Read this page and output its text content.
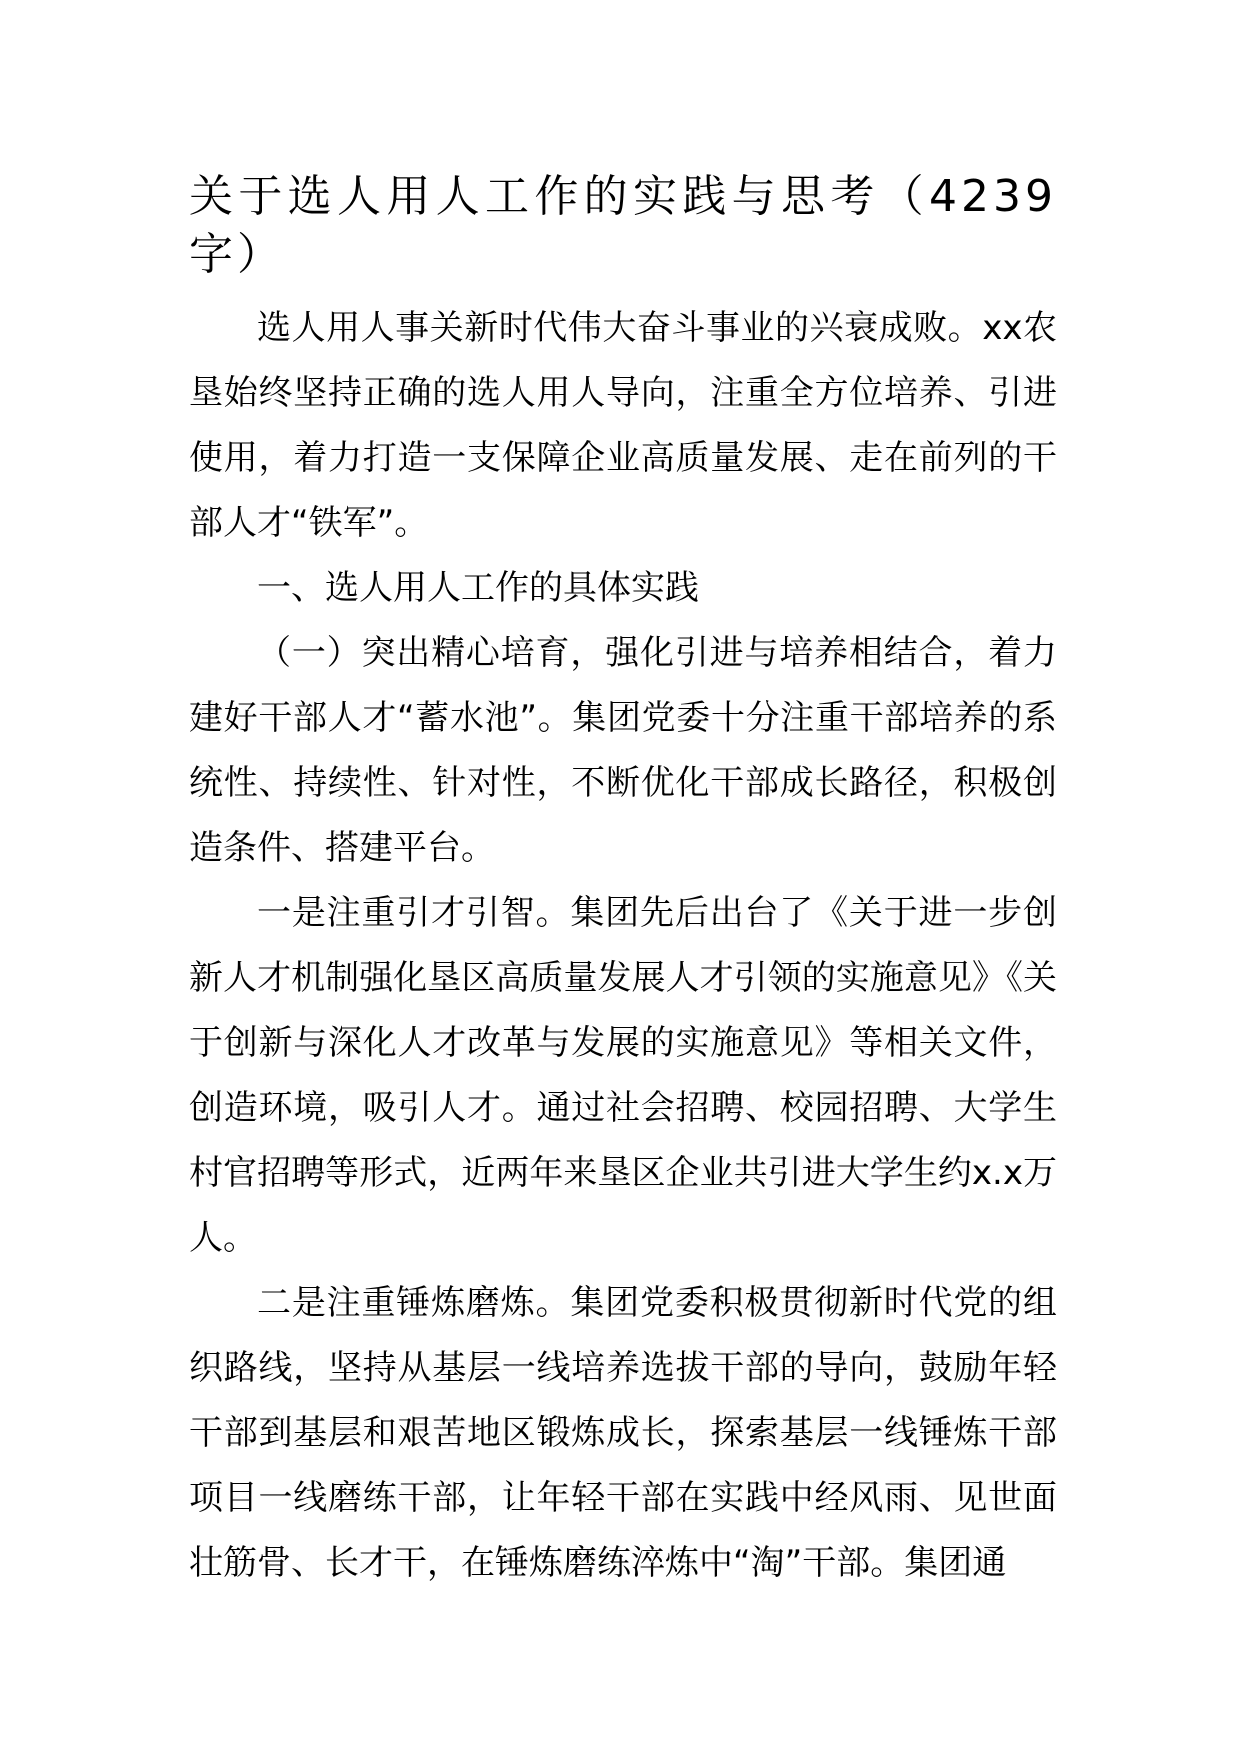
关于选人用人工作的实践与思考（4239字）

选人用人事关新时代伟大奋斗事业的兴衰成败。xx农垦始终坚持正确的选人用人导向，注重全方位培养、引进使用，着力打造一支保障企业高质量发展、走在前列的干部人才“铁军”。

一、选人用人工作的具体实践

（一）突出精心培育，强化引进与培养相结合，着力建好干部人才“蓄水池”。集团党委十分注重干部培养的系统性、持续性、针对性，不断优化干部成长路径，积极创造条件、搭建平台。

一是注重引才引智。集团先后出台了《关于进一步创新人才机制强化垦区高质量发展人才引领的实施意见》《关于创新与深化人才改革与发展的实施意见》等相关文件，创造环境，吸引人才。通过社会招聘、校园招聘、大学生村官招聘等形式，近两年来垦区企业共引进大学生约x.x万人。

二是注重锤炼磨炼。集团党委积极贯彻新时代党的组织路线，坚持从基层一线培养选拔干部的导向，鼓励年轻干部到基层和艰苦地区锻炼成长，探索基层一线锤炼干部项目一线磨练干部，让年轻干部在实践中经风雨、见世面壮筋骨、长才干，在锤炼磨练淬炼中“淘”干部。集团通
